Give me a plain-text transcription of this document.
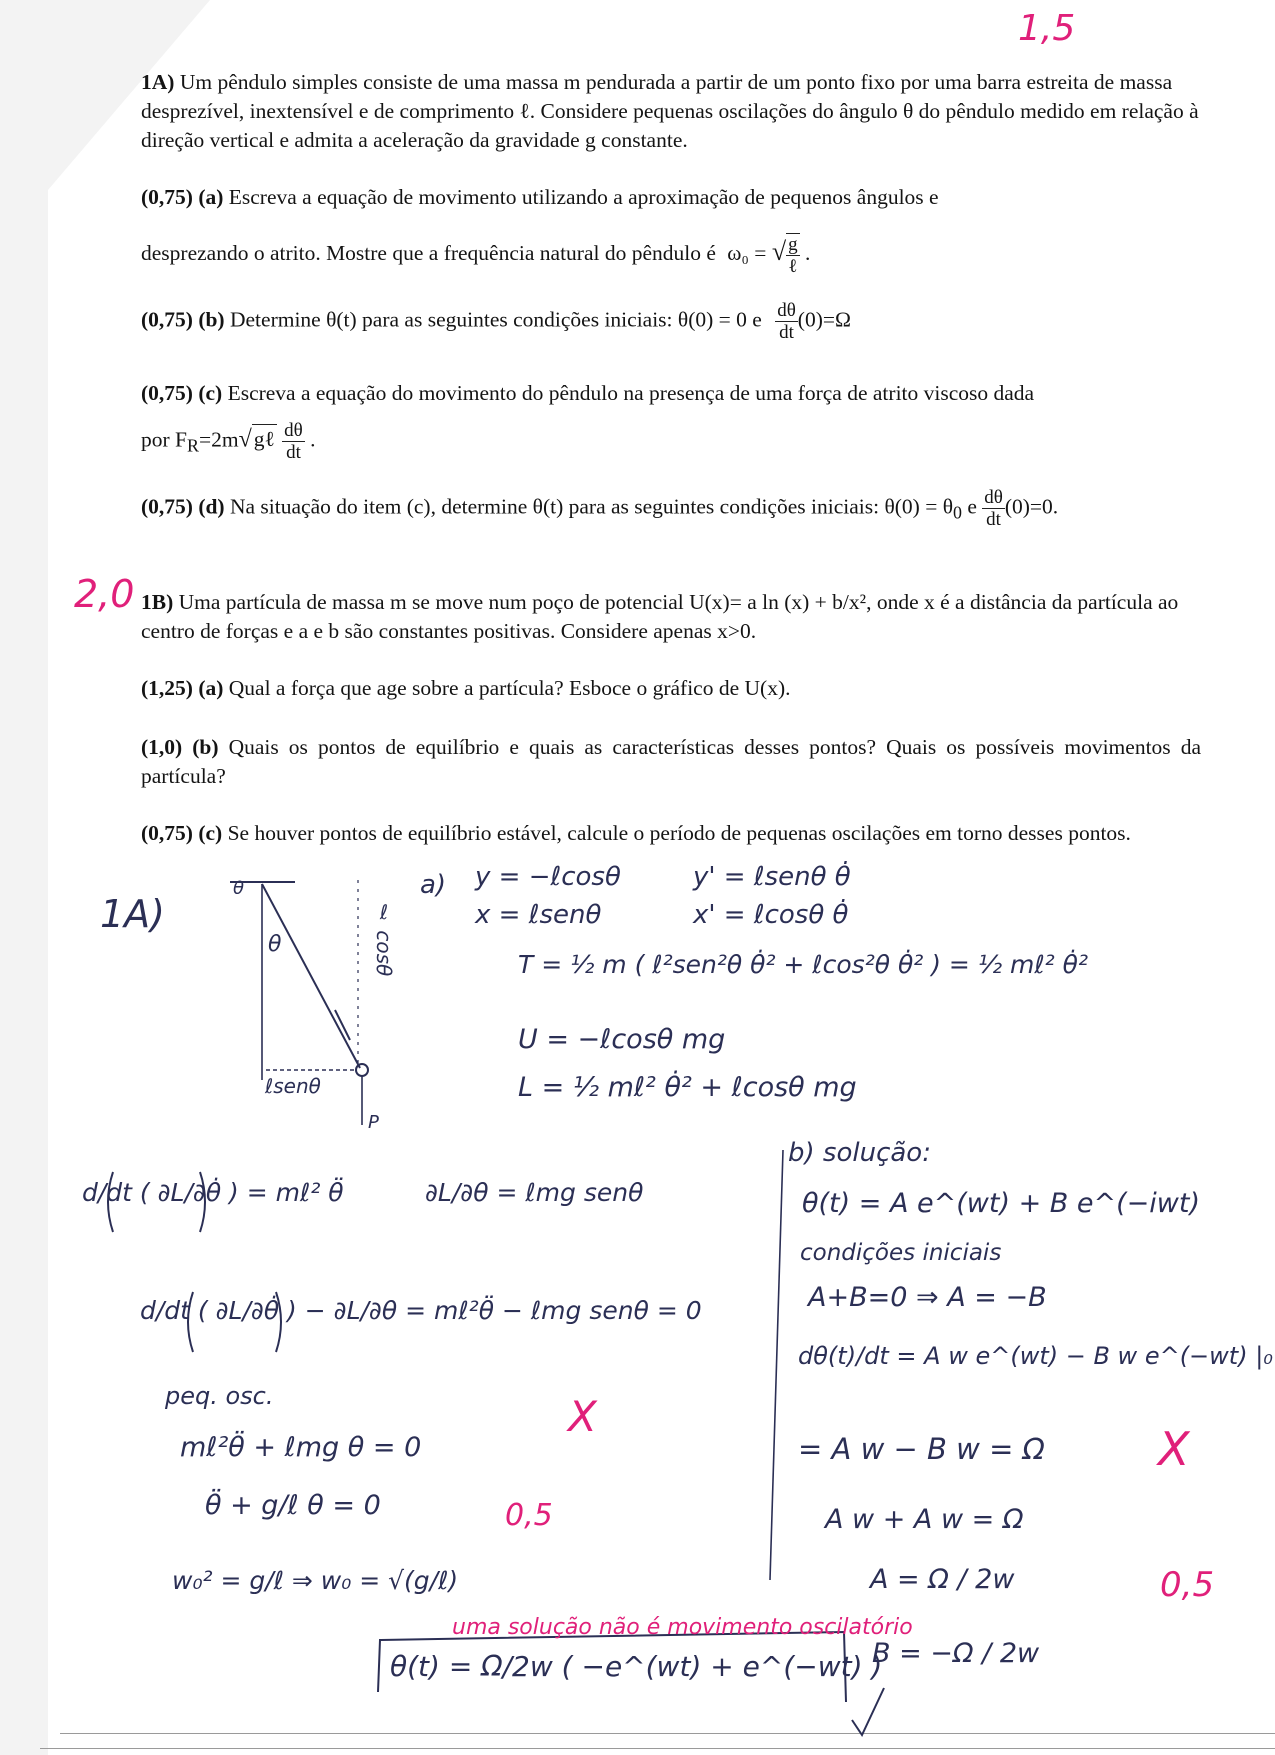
1,5
2,0
1A) Um pêndulo simples consiste de uma massa m pendurada a partir de um ponto fixo por uma barra estreita de massa desprezível, inextensível e de comprimento ℓ. Considere pequenas oscilações do ângulo θ do pêndulo medido em relação à direção vertical e admita a aceleração da gravidade g constante.
(0,75) (a) Escreva a equação de movimento utilizando a aproximação de pequenos ângulos e
desprezando o atrito. Mostre que a frequência natural do pêndulo é ω₀ = √ $\frac{g}{\text{ℓ}}$ .
(0,75) (b) Determine θ(t) para as seguintes condições iniciais: θ(0) = 0 e $\frac{d\theta}{dt} (0)=\Omega$
(0,75) (c) Escreva a equação do movimento do pêndulo na presença de uma força de atrito viscoso dada
por $F_R=2m√g\ell \frac{d\theta}{dt}$ .
(0,75) (d) Na situação do item (c), determine θ(t) para as seguintes condições iniciais: $\theta(0) = \theta_0$ e $\frac{d\theta}{dt} (0)=0$.
1B) Uma partícula de massa m se move num poço de potencial U(x)= a ln (x) + b/x², onde x é a distância da partícula ao centro de forças e a e b são constantes positivas. Considere apenas x>0.
(1,25) (a) Qual a força que age sobre a partícula? Esboce o gráfico de U(x).
(1,0) (b) Quais os pontos de equilíbrio e quais as características desses pontos? Quais os possíveis movimentos da partícula?
(0,75) (c) Se houver pontos de equilíbrio estável, calcule o período de pequenas oscilações em torno desses pontos.
1A)
θ
θ	ℓ cosθ
ℓsenθ
P
a) y = −ℓcosθ
x = ℓsenθ
y' = ℓsenθ θ̇
x' = ℓcosθ θ̇
T = ½ m ( ℓ²sen²θ θ̇² + ℓcos²θ θ̇² ) = ½ mℓ² θ̇²
U = −ℓcosθ mg
L = ½ mℓ² θ̇² + ℓcosθ mg
d/dt ( ∂L/∂θ̇ ) = mℓ² θ̈	∂L/∂θ = ℓmg senθ
d/dt ( ∂L/∂θ̇ ) − ∂L/∂θ = mℓ²θ̈ − ℓmg senθ = 0
peq. osc.
mℓ²θ̈ + ℓmg θ = 0
θ̈ + g/ℓ θ = 0
w₀² = g/ℓ ⇒ w₀ = √(g/ℓ)
X
0,5
b) solução:
θ(t) = A e^(wt) + B e^(−iwt)
condições iniciais
A+B=0 ⇒ A = −B
dθ(t)/dt = A w e^(wt) − B w e^(−wt) |₀
= A w − B w = Ω
A w + A w = Ω
A = Ω / 2w
B = −Ω / 2w
θ(t) = Ω/2w ( −e^(wt) + e^(−wt) )
X
0,5
uma solução não é movimento oscilatório
